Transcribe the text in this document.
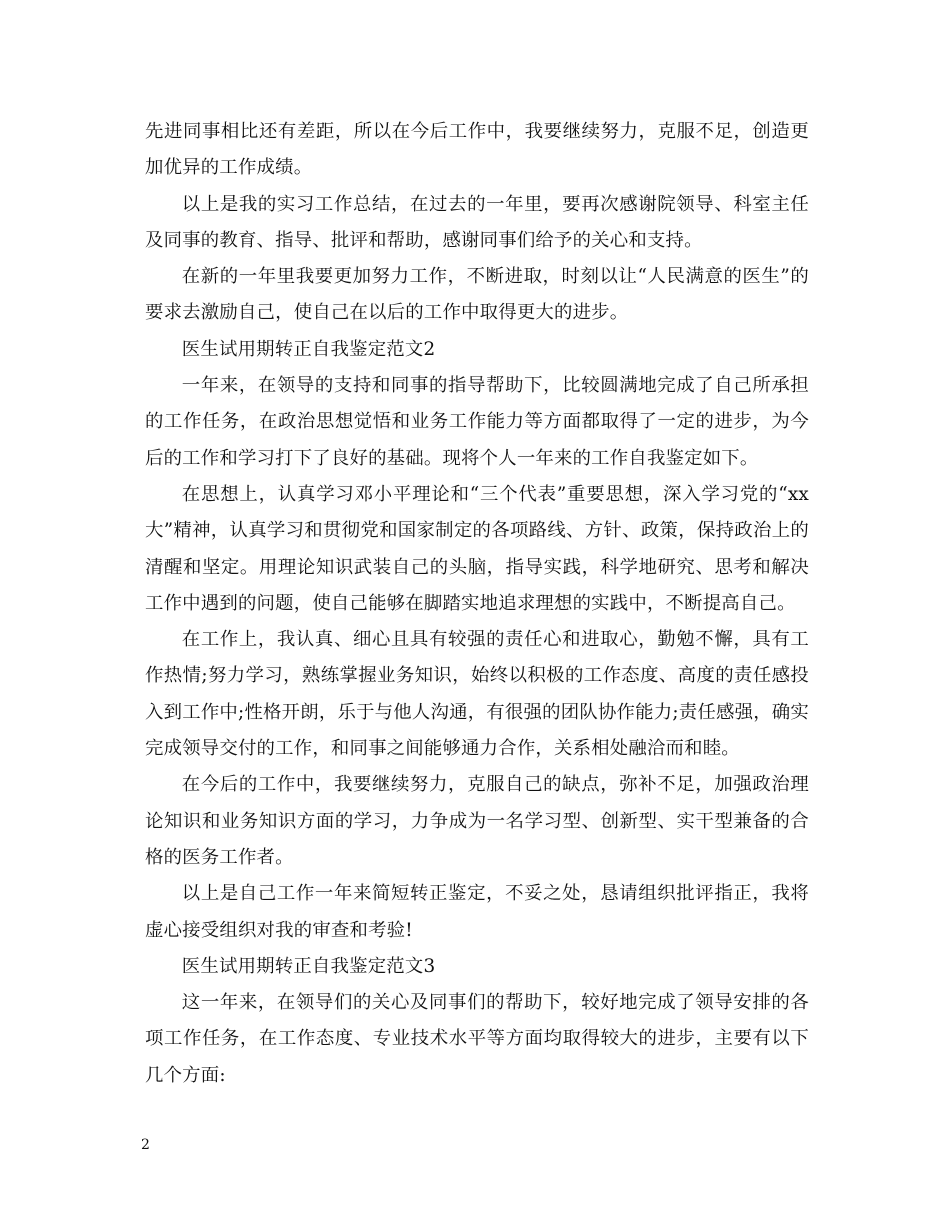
先进同事相比还有差距，所以在今后工作中，我要继续努力，克服不足，创造更加优异的工作成绩。

以上是我的实习工作总结，在过去的一年里，要再次感谢院领导、科室主任及同事的教育、指导、批评和帮助，感谢同事们给予的关心和支持。

在新的一年里我要更加努力工作，不断进取，时刻以让“人民满意的医生”的要求去激励自己，使自己在以后的工作中取得更大的进步。

医生试用期转正自我鉴定范文2

一年来，在领导的支持和同事的指导帮助下，比较圆满地完成了自己所承担的工作任务，在政治思想觉悟和业务工作能力等方面都取得了一定的进步，为今后的工作和学习打下了良好的基础。现将个人一年来的工作自我鉴定如下。

在思想上，认真学习邓小平理论和“三个代表”重要思想，深入学习党的“xx大”精神，认真学习和贯彻党和国家制定的各项路线、方针、政策，保持政治上的清醒和坚定。用理论知识武装自己的头脑，指导实践，科学地研究、思考和解决工作中遇到的问题，使自己能够在脚踏实地追求理想的实践中，不断提高自己。

在工作上，我认真、细心且具有较强的责任心和进取心，勤勉不懈，具有工作热情;努力学习，熟练掌握业务知识，始终以积极的工作态度、高度的责任感投入到工作中;性格开朗，乐于与他人沟通，有很强的团队协作能力;责任感强，确实完成领导交付的工作，和同事之间能够通力合作，关系相处融洽而和睦。

在今后的工作中，我要继续努力，克服自己的缺点，弥补不足，加强政治理论知识和业务知识方面的学习，力争成为一名学习型、创新型、实干型兼备的合格的医务工作者。

以上是自己工作一年来简短转正鉴定，不妥之处，恳请组织批评指正，我将虚心接受组织对我的审查和考验!

医生试用期转正自我鉴定范文3

这一年来，在领导们的关心及同事们的帮助下，较好地完成了领导安排的各项工作任务，在工作态度、专业技术水平等方面均取得较大的进步，主要有以下几个方面:

2
